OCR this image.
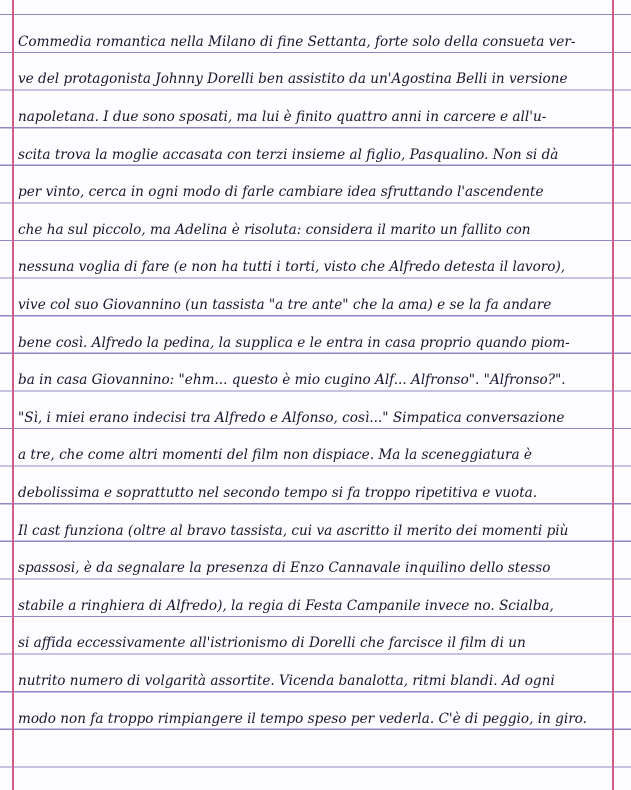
Commedia romantica nella Milano di fine Settanta, forte solo della consueta ver-
ve del protagonista Johnny Dorelli ben assistito da un'Agostina Belli in versione
napoletana. I due sono sposati, ma lui è finito quattro anni in carcere e all'u-
scita trova la moglie accasata con terzi insieme al figlio, Pasqualino. Non si dà
per vinto, cerca in ogni modo di farle cambiare idea sfruttando l'ascendente
che ha sul piccolo, ma Adelina è risoluta: considera il marito un fallito con
nessuna voglia di fare (e non ha tutti i torti, visto che Alfredo detesta il lavoro),
vive col suo Giovannino (un tassista "a tre ante" che la ama) e se la fa andare
bene così. Alfredo la pedina, la supplica e le entra in casa proprio quando piom-
ba in casa Giovannino: "ehm... questo è mio cugino Alf... Alfronso". "Alfronso?".
"Sì, i miei erano indecisi tra Alfredo e Alfonso, così..." Simpatica conversazione
a tre, che come altri momenti del film non dispiace. Ma la sceneggiatura è
debolissima e soprattutto nel secondo tempo si fa troppo ripetitiva e vuota.
Il cast funziona (oltre al bravo tassista, cui va ascritto il merito dei momenti più
spassosi, è da segnalare la presenza di Enzo Cannavale inquilino dello stesso
stabile a ringhiera di Alfredo), la regia di Festa Campanile invece no. Scialba,
si affida eccessivamente all'istrionismo di Dorelli che farcisce il film di un
nutrito numero di volgarità assortite. Vicenda banalotta, ritmi blandi. Ad ogni
modo non fa troppo rimpiangere il tempo speso per vederla. C'è di peggio, in giro.
